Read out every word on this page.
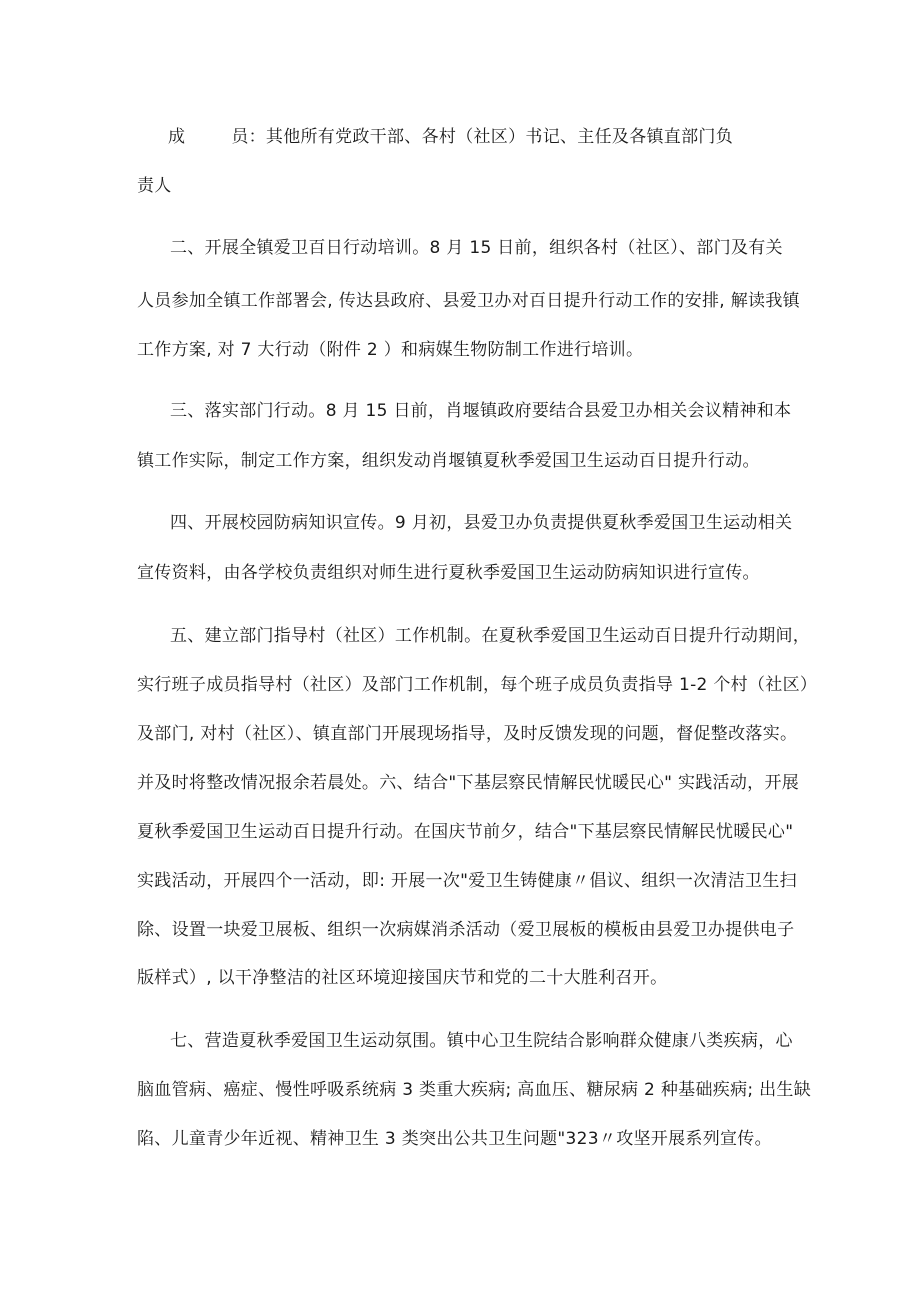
成	员：其他所有党政干部、各村（社区）书记、主任及各镇直部门负
责人
二、开展全镇爱卫百日行动培训。8 月 15 日前，组织各村（社区）、部门及有关
人员参加全镇工作部署会, 传达县政府、县爱卫办对百日提升行动工作的安排, 解读我镇
工作方案, 对 7 大行动（附件 2 ）和病媒生物防制工作进行培训。
三、落实部门行动。8 月 15 日前，肖堰镇政府要结合县爱卫办相关会议精神和本
镇工作实际，制定工作方案，组织发动肖堰镇夏秋季爱国卫生运动百日提升行动。
四、开展校园防病知识宣传。9 月初，县爱卫办负责提供夏秋季爱国卫生运动相关
宣传资料，由各学校负责组织对师生进行夏秋季爱国卫生运动防病知识进行宣传。
五、建立部门指导村（社区）工作机制。在夏秋季爱国卫生运动百日提升行动期间，
实行班子成员指导村（社区）及部门工作机制，每个班子成员负责指导 1-2 个村（社区）
及部门, 对村（社区）、镇直部门开展现场指导，及时反馈发现的问题，督促整改落实。
并及时将整改情况报余若晨处。六、结合"下基层察民情解民忧暖民心" 实践活动，开展
夏秋季爱国卫生运动百日提升行动。在国庆节前夕，结合"下基层察民情解民忧暖民心"
实践活动，开展四个一活动，即: 开展一次"爱卫生铸健康〃倡议、组织一次清洁卫生扫
除、设置一块爱卫展板、组织一次病媒消杀活动（爱卫展板的模板由县爱卫办提供电子
版样式）, 以干净整洁的社区环境迎接国庆节和党的二十大胜利召开。
七、营造夏秋季爱国卫生运动氛围。镇中心卫生院结合影响群众健康八类疾病，心
脑血管病、癌症、慢性呼吸系统病 3 类重大疾病; 高血压、糖尿病 2 种基础疾病; 出生缺
陷、儿童青少年近视、精神卫生 3 类突出公共卫生问题"323〃攻坚开展系列宣传。
